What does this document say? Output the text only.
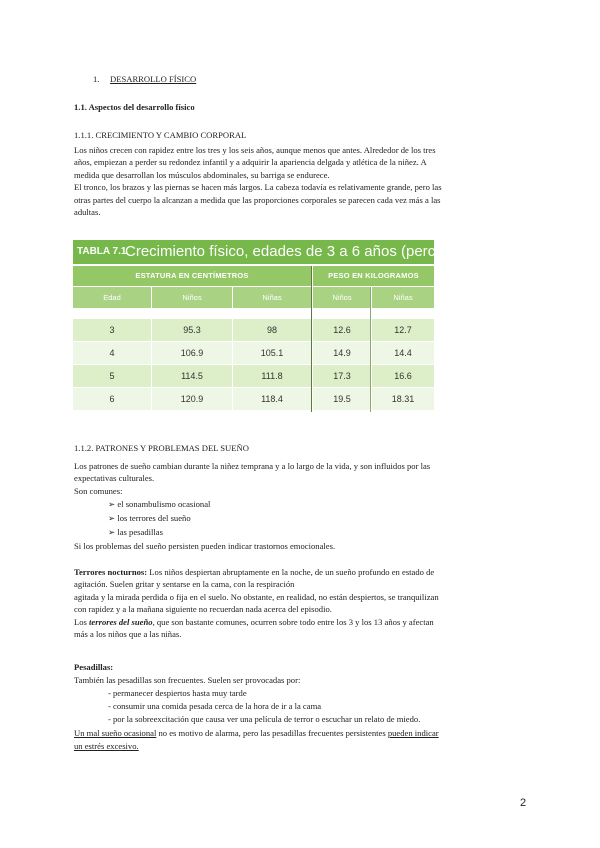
1. DESARROLLO FÍSICO
1.1. Aspectos del desarrollo físico
1.1.1. CRECIMIENTO Y CAMBIO CORPORAL
Los niños crecen con rapidez entre los tres y los seis años, aunque menos que antes. Alrededor de los tres
años, empiezan a perder su redondez infantil y a adquirir la apariencia delgada y atlética de la niñez. A
medida que desarrollan los músculos abdominales, su barriga se endurece.
El tronco, los brazos y las piernas se hacen más largos. La cabeza todavía es relativamente grande, pero las
otras partes del cuerpo la alcanzan a medida que las proporciones corporales se parecen cada vez más a las
adultas.
TABLA 7.1
Crecimiento físico, edades de 3 a 6 años (percentil 50°)
ESTATURA EN CENTÍMETROS	PESO EN KILOGRAMOS
Edad	Niños	Niñas	Niños	Niñas
3	95.3	98	12.6	12.7
4	106.9	105.1	14.9	14.4
5	114.5	111.8	17.3	16.6
6	120.9	118.4	19.5	18.31
1.1.2. PATRONES Y PROBLEMAS DEL SUEÑO
Los patrones de sueño cambian durante la niñez temprana y a lo largo de la vida, y son influidos por las
expectativas culturales.
Son comunes:
➢ el sonambulismo ocasional
➢ los terrores del sueño
➢ las pesadillas
Si los problemas del sueño persisten pueden indicar trastornos emocionales.
Terrores nocturnos: Los niños despiertan abruptamente en la noche, de un sueño profundo en estado de
agitación. Suelen gritar y sentarse en la cama, con la respiración
agitada y la mirada perdida o fija en el suelo. No obstante, en realidad, no están despiertos, se tranquilizan
con rapidez y a la mañana siguiente no recuerdan nada acerca del episodio.
Los terrores del sueño, que son bastante comunes, ocurren sobre todo entre los 3 y los 13 años y afectan
más a los niños que a las niñas.
Pesadillas:
También las pesadillas son frecuentes. Suelen ser provocadas por:
- permanecer despiertos hasta muy tarde
- consumir una comida pesada cerca de la hora de ir a la cama
- por la sobreexcitación que causa ver una película de terror o escuchar un relato de miedo.
Un mal sueño ocasional no es motivo de alarma, pero las pesadillas frecuentes persistentes pueden indicar
un estrés excesivo.
2
